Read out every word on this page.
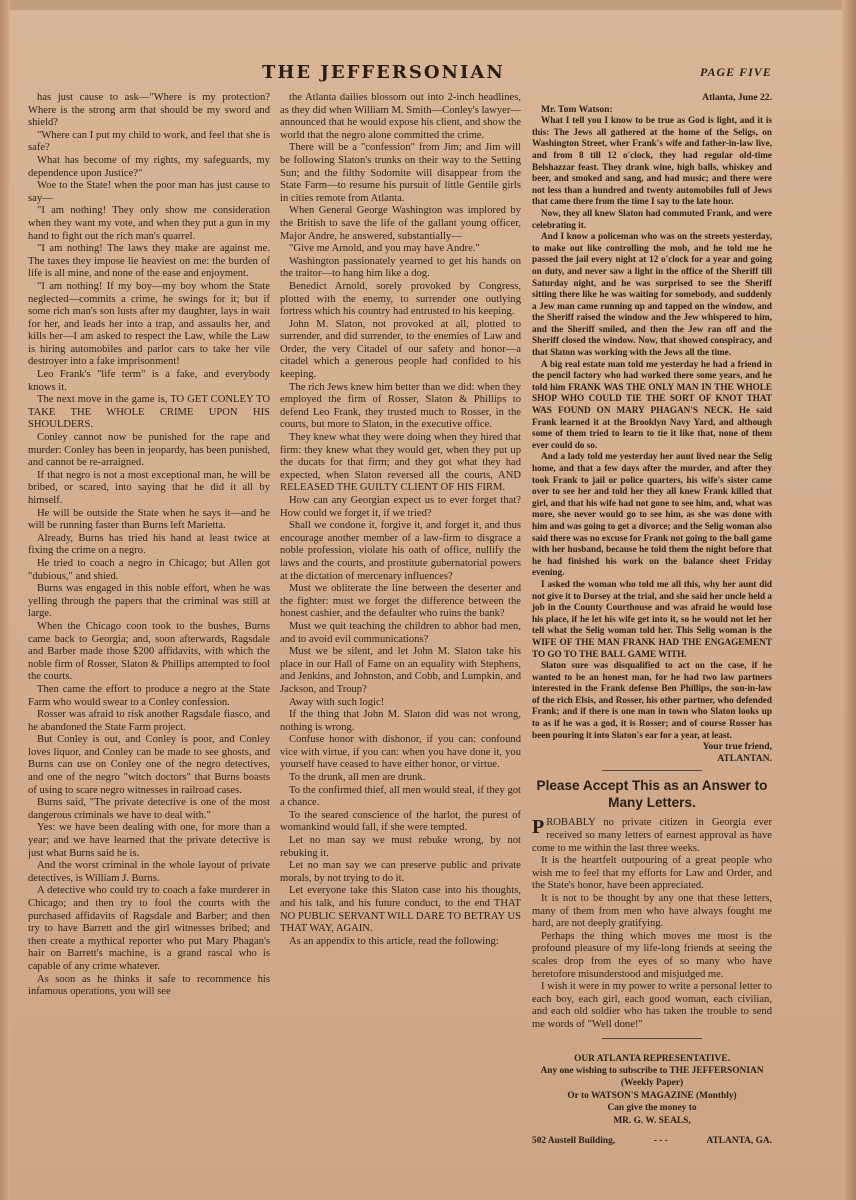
THE JEFFERSONIAN	PAGE FIVE

has just cause to ask—"Where is my protection? Where is the strong arm that should be my sword and shield?

"Where can I put my child to work, and feel that she is safe?

What has become of my rights, my safeguards, my dependence upon Justice?"

Woe to the State! when the poor man has just cause to say—

"I am nothing! They only show me consideration when they want my vote, and when they put a gun in my hand to fight out the rich man's quarrel.

"I am nothing! The laws they make are against me. The taxes they impose lie heaviest on me: the burden of life is all mine, and none of the ease and enjoyment.

"I am nothing! If my boy—my boy whom the State neglected—commits a crime, he swings for it; but if some rich man's son lusts after my daughter, lays in wait for her, and leads her into a trap, and assaults her, and kills her—I am asked to respect the Law, while the Law is hiring automobiles and parlor cars to take her vile destroyer into a fake imprisonment!

Leo Frank's "life term" is a fake, and everybody knows it.

The next move in the game is, TO GET CONLEY TO TAKE THE WHOLE CRIME UPON HIS SHOULDERS.

Conley cannot now be punished for the rape and murder: Conley has been in jeopardy, has been punished, and cannot be re-arraigned.

If that negro is not a most exceptional man, he will be bribed, or scared, into saying that he did it all by himself.

He will be outside the State when he says it—and he will be running faster than Burns left Marietta.

Already, Burns has tried his hand at least twice at fixing the crime on a negro.

He tried to coach a negro in Chicago; but Allen got "dubious," and shied.

Burns was engaged in this noble effort, when he was yelling through the papers that the criminal was still at large.

When the Chicago coon took to the bushes, Burns came back to Georgia; and, soon afterwards, Ragsdale and Barber made those $200 affidavits, with which the noble firm of Rosser, Slaton & Phillips attempted to fool the courts.

Then came the effort to produce a negro at the State Farm who would swear to a Conley confession.

Rosser was afraid to risk another Ragsdale fiasco, and he abandoned the State Farm project.

But Conley is out, and Conley is poor, and Conley loves liquor, and Conley can be made to see ghosts, and Burns can use on Conley one of the negro detectives, and one of the negro "witch doctors" that Burns boasts of using to scare negro witnesses in railroad cases.

Burns said, "The private detective is one of the most dangerous criminals we have to deal with."

Yes: we have been dealing with one, for more than a year; and we have learned that the private detective is just what Burns said he is.

And the worst criminal in the whole layout of private detectives, is William J. Burns.

A detective who could try to coach a fake murderer in Chicago; and then try to fool the courts with the purchased affidavits of Ragsdale and Barber; and then try to have Barrett and the girl witnesses bribed; and then create a mythical reporter who put Mary Phagan's hair on Barrett's machine, is a grand rascal who is capable of any crime whatever.

As soon as he thinks it safe to recommence his infamous operations, you will see

the Atlanta dailies blossom out into 2-inch headlines, as they did when William M. Smith—Conley's lawyer—announced that he would expose his client, and show the world that the negro alone committed the crime.

There will be a "confession" from Jim; and Jim will be following Slaton's trunks on their way to the Setting Sun; and the filthy Sodomite will disappear from the State Farm—to resume his pursuit of little Gentile girls in cities remote from Atlanta.

When General George Washington was implored by the British to save the life of the gallant young officer, Major Andre, he answered, substantially—

"Give me Arnold, and you may have Andre."

Washington passionately yearned to get his hands on the traitor—to hang him like a dog.

Benedict Arnold, sorely provoked by Congress, plotted with the enemy, to surrender one outlying fortress which his country had entrusted to his keeping.

John M. Slaton, not provoked at all, plotted to surrender, and did surrender, to the enemies of Law and Order, the very Citadel of our safety and honor—a citadel which a generous people had confided to his keeping.

The rich Jews knew him better than we did: when they employed the firm of Rosser, Slaton & Phillips to defend Leo Frank, they trusted much to Rosser, in the courts, but more to Slaton, in the executive office.

They knew what they were doing when they hired that firm: they knew what they would get, when they put up the ducats for that firm; and they got what they had expected, when Slaton reversed all the courts, AND RELEASED THE GUILTY CLIENT OF HIS FIRM.

How can any Georgian expect us to ever forget that? How could we forget it, if we tried?

Shall we condone it, forgive it, and forget it, and thus encourage another member of a law-firm to disgrace a noble profession, violate his oath of office, nullify the laws and the courts, and prostitute gubernatorial powers at the dictation of mercenary influences?

Must we obliterate the line between the deserter and the fighter: must we forget the difference between the honest cashier, and the defaulter who ruins the bank?

Must we quit teaching the children to abhor bad men, and to avoid evil communications?

Must we be silent, and let John M. Slaton take his place in our Hall of Fame on an equality with Stephens, and Jenkins, and Johnston, and Cobb, and Lumpkin, and Jackson, and Troup?

Away with such logic!

If the thing that John M. Slaton did was not wrong, nothing is wrong.

Confuse honor with dishonor, if you can: confound vice with virtue, if you can: when you have done it, you yourself have ceased to have either honor, or virtue.

To the drunk, all men are drunk.

To the confirmed thief, all men would steal, if they got a chance.

To the seared conscience of the harlot, the purest of womankind would fall, if she were tempted.

Let no man say we must rebuke wrong, by not rebuking it.

Let no man say we can preserve public and private morals, by not trying to do it.

Let everyone take this Slaton case into his thoughts, and his talk, and his future conduct, to the end THAT NO PUBLIC SERVANT WILL DARE TO BETRAY US THAT WAY, AGAIN.

As an appendix to this article, read the following:

Atlanta, June 22.

Mr. Tom Watson:

What I tell you I know to be true as God is light, and it is this: The Jews all gathered at the home of the Seligs, on Washington Street, wher Frank's wife and father-in-law live, and from 8 till 12 o'clock, they had regular old-time Belshazzar feast. They drank wine, high balls, whiskey and beer, and smoked and sang, and had music; and there were not less than a hundred and twenty automobiles full of Jews that came there from the time I say to the late hour.

Now, they all knew Slaton had commuted Frank, and were celebrating it.

And I know a policeman who was on the streets yesterday, to make out like controlling the mob, and he told me he passed the jail every night at 12 o'clock for a year and going on duty, and never saw a light in the office of the Sheriff till Saturday night, and he was surprised to see the Sheriff sitting there like he was waiting for somebody, and suddenly a Jew man came running up and tapped on the window, and the Sheriff raised the window and the Jew whispered to him, and the Sheriff smiled, and then the Jew ran off and the Sheriff closed the window. Now, that showed conspiracy, and that Slaton was working with the Jews all the time.

A big real estate man told me yesterday he had a friend in the pencil factory who had worked there some years, and he told him FRANK WAS THE ONLY MAN IN THE WHOLE SHOP WHO COULD TIE THE SORT OF KNOT THAT WAS FOUND ON MARY PHAGAN'S NECK. He said Frank learned it at the Brooklyn Navy Yard, and although some of them tried to learn to tie it like that, none of them ever could do so.

And a lady told me yesterday her aunt lived near the Selig home, and that a few days after the murder, and after they took Frank to jail or police quarters, his wife's sister came over to see her and told her they all knew Frank killed that girl, and that his wife had not gone to see him, and, what was more, she never would go to see him, as she was done with him and was going to get a divorce; and the Selig woman also said there was no excuse for Frank not going to the ball game with her husband, because he told them the night before that he had finished his work on the balance sheet Friday evening.

I asked the woman who told me all this, why her aunt did not give it to Dorsey at the trial, and she said her uncle held a job in the County Courthouse and was afraid he would lose his place, if he let his wife get into it, so he would not let her tell what the Selig woman told her. This Selig woman is the WIFE OF THE MAN FRANK HAD THE ENGAGEMENT TO GO TO THE BALL GAME WITH.

Slaton sure was disqualified to act on the case, if he wanted to be an honest man, for he had two law partners interested in the Frank defense Ben Phillips, the son-in-law of the rich Elsis, and Rosser, his other partner, who defended Frank; and if there is one man in town who Slaton looks up to as if he was a god, it is Rosser; and of course Rosser has been pouring it into Slaton's ear for a year, at least.

Your true friend,

ATLANTAN.

Please Accept This as an Answer to Many Letters.

PROBABLY no private citizen in Georgia ever received so many letters of earnest approval as have come to me within the last three weeks.

It is the heartfelt outpouring of a great people who wish me to feel that my efforts for Law and Order, and the State's honor, have been appreciated.

It is not to be thought by any one that these letters, many of them from men who have always fought me hard, are not deeply gratifying.

Perhaps the thing which moves me most is the profound pleasure of my life-long friends at seeing the scales drop from the eyes of so many who have heretofore misunderstood and misjudged me.

I wish it were in my power to write a personal letter to each boy, each girl, each good woman, each civilian, and each old soldier who has taken the trouble to send me words of "Well done!"

OUR ATLANTA REPRESENTATIVE.
Any one wishing to subscribe to THE JEFFERSONIAN (Weekly Paper)
Or to WATSON'S MAGAZINE (Monthly)
Can give the money to
MR. G. W. SEALS,
502 Austell Building,	- - -	ATLANTA, GA.
